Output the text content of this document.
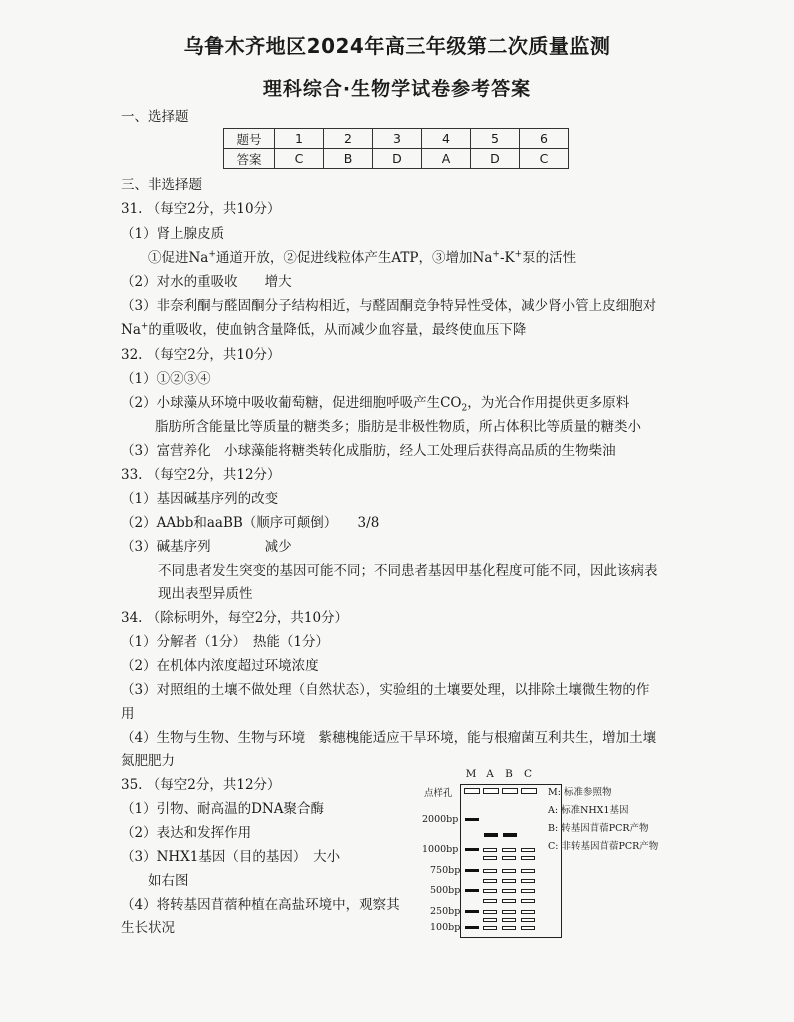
乌鲁木齐地区2024年高三年级第二次质量监测
理科综合·生物学试卷参考答案
一、选择题
题号	1	2	3	4	5	6
答案	C	B	D	A	D	C
三、非选择题
31. （每空2分，共10分）
（1）肾上腺皮质
①促进Na+通道开放，②促进线粒体产生ATP，③增加Na+-K+泵的活性
（2）对水的重吸收　　增大
（3）非奈利酮与醛固酮分子结构相近，与醛固酮竞争特异性受体，减少肾小管上皮细胞对
Na+的重吸收，使血钠含量降低，从而减少血容量，最终使血压下降
32. （每空2分，共10分）
（1）①②③④
（2）小球藻从环境中吸收葡萄糖，促进细胞呼吸产生$CO_2$，为光合作用提供更多原料
脂肪所含能量比等质量的糖类多；脂肪是非极性物质，所占体积比等质量的糖类小
（3）富营养化　小球藻能将糖类转化成脂肪，经人工处理后获得高品质的生物柴油
33. （每空2分，共12分）
（1）基因碱基序列的改变
（2）AAbb和aaBB（顺序可颠倒）　　3/8
（3）碱基序列　　　　减少
不同患者发生突变的基因可能不同；不同患者基因甲基化程度可能不同，因此该病表
现出表型异质性
34. （除标明外，每空2分，共10分）
（1）分解者（1分）　热能（1分）
（2）在机体内浓度超过环境浓度
（3）对照组的土壤不做处理（自然状态），实验组的土壤要处理，以排除土壤微生物的作
用
（4）生物与生物、生物与环境　紫穗槐能适应干旱环境，能与根瘤菌互利共生，增加土壤
氮肥肥力
35. （每空2分，共12分）
（1）引物、耐高温的DNA聚合酶
（2）表达和发挥作用
（3）NHX1基因（目的基因）　大小
如右图
（4）将转基因苜蓿种植在高盐环境中，观察其
生长状况
M A	B C
点样孔
2000bp
1000bp
750bp
500bp
250bp
100bp
M: 标准参照物
A: 标准NHX1基因
B: 转基因苜蓿PCR产物
C: 非转基因苜蓿PCR产物
